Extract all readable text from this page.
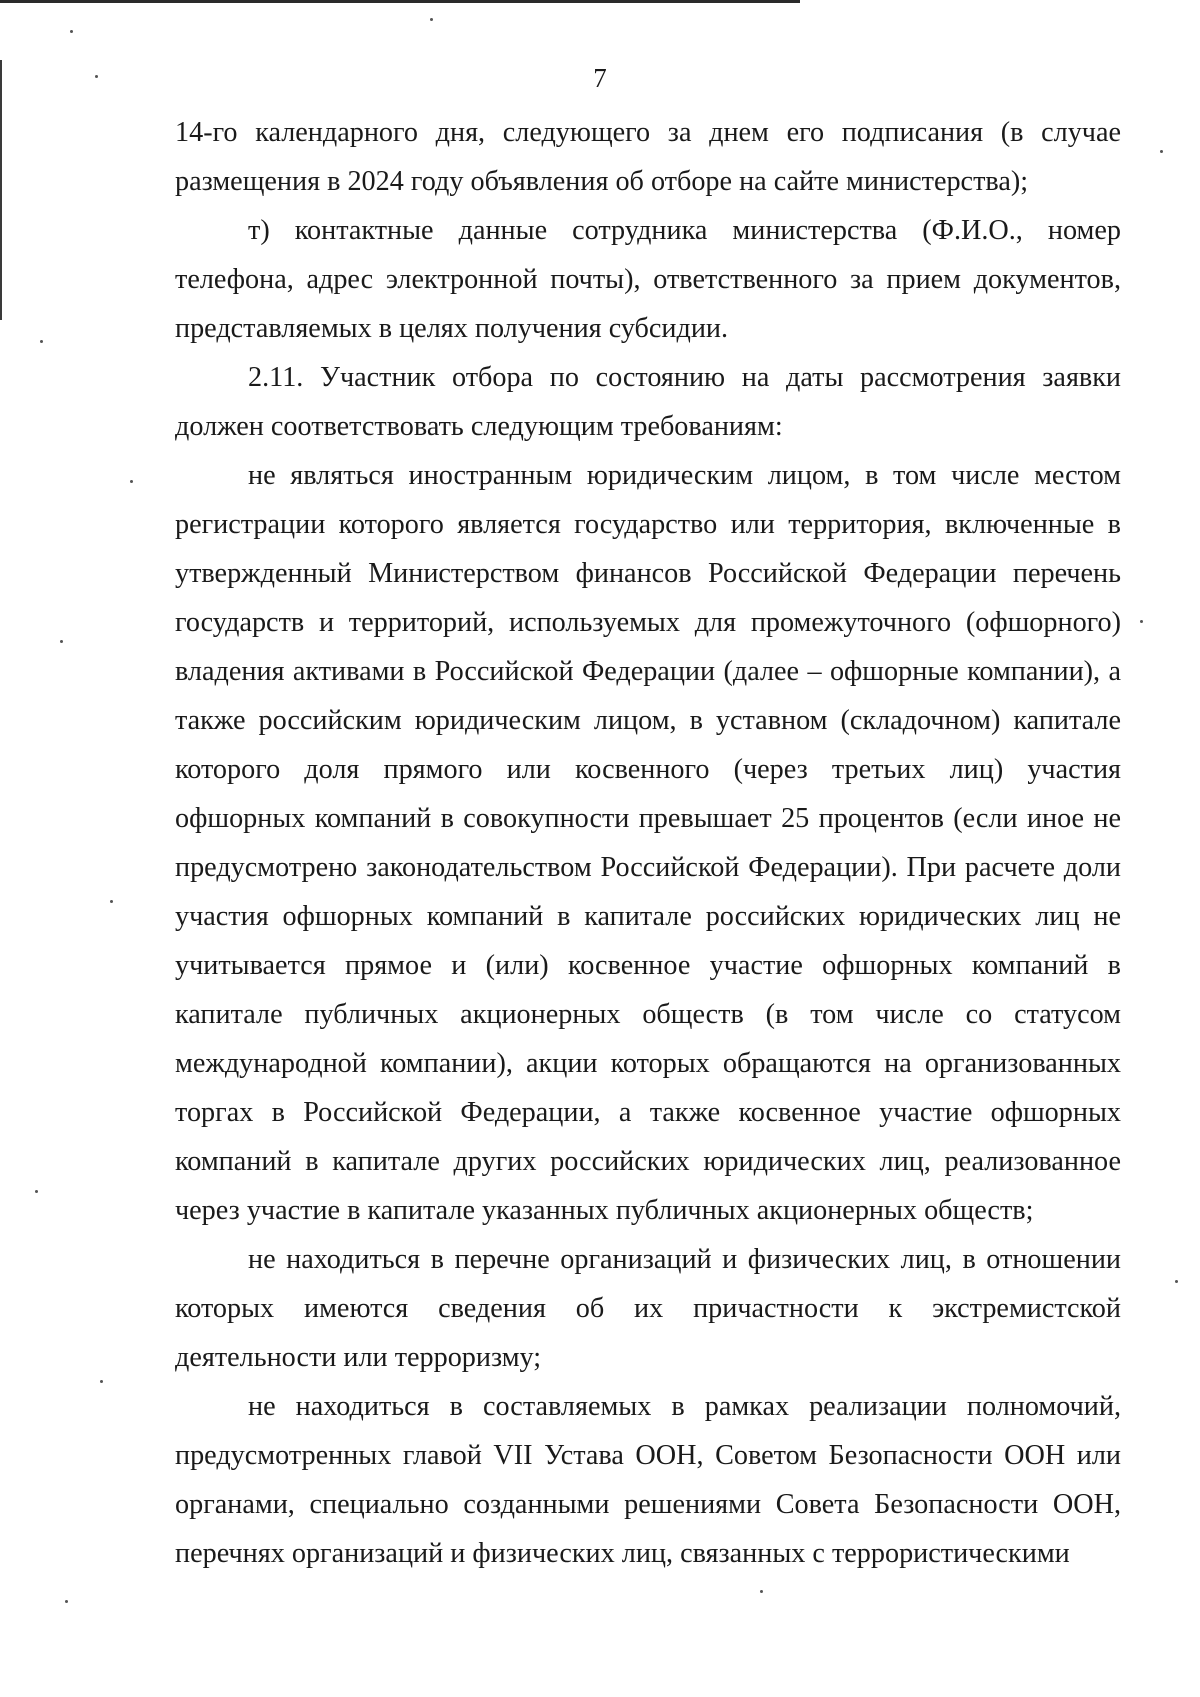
7

14-го календарного дня, следующего за днем его подписания (в случае размещения в 2024 году объявления об отборе на сайте министерства);

т) контактные данные сотрудника министерства (Ф.И.О., номер телефона, адрес электронной почты), ответственного за прием документов, представляемых в целях получения субсидии.

2.11. Участник отбора по состоянию на даты рассмотрения заявки должен соответствовать следующим требованиям:

не являться иностранным юридическим лицом, в том числе местом регистрации которого является государство или территория, включенные в утвержденный Министерством финансов Российской Федерации перечень государств и территорий, используемых для промежуточного (офшорного) владения активами в Российской Федерации (далее – офшорные компании), а также российским юридическим лицом, в уставном (складочном) капитале которого доля прямого или косвенного (через третьих лиц) участия офшорных компаний в совокупности превышает 25 процентов (если иное не предусмотрено законодательством Российской Федерации). При расчете доли участия офшорных компаний в капитале российских юридических лиц не учитывается прямое и (или) косвенное участие офшорных компаний в капитале публичных акционерных обществ (в том числе со статусом международной компании), акции которых обращаются на организованных торгах в Российской Федерации, а также косвенное участие офшорных компаний в капитале других российских юридических лиц, реализованное через участие в капитале указанных публичных акционерных обществ;

не находиться в перечне организаций и физических лиц, в отношении которых имеются сведения об их причастности к экстремистской деятельности или терроризму;

не находиться в составляемых в рамках реализации полномочий, предусмотренных главой VII Устава ООН, Советом Безопасности ООН или органами, специально созданными решениями Совета Безопасности ООН, перечнях организаций и физических лиц, связанных с террористическими
